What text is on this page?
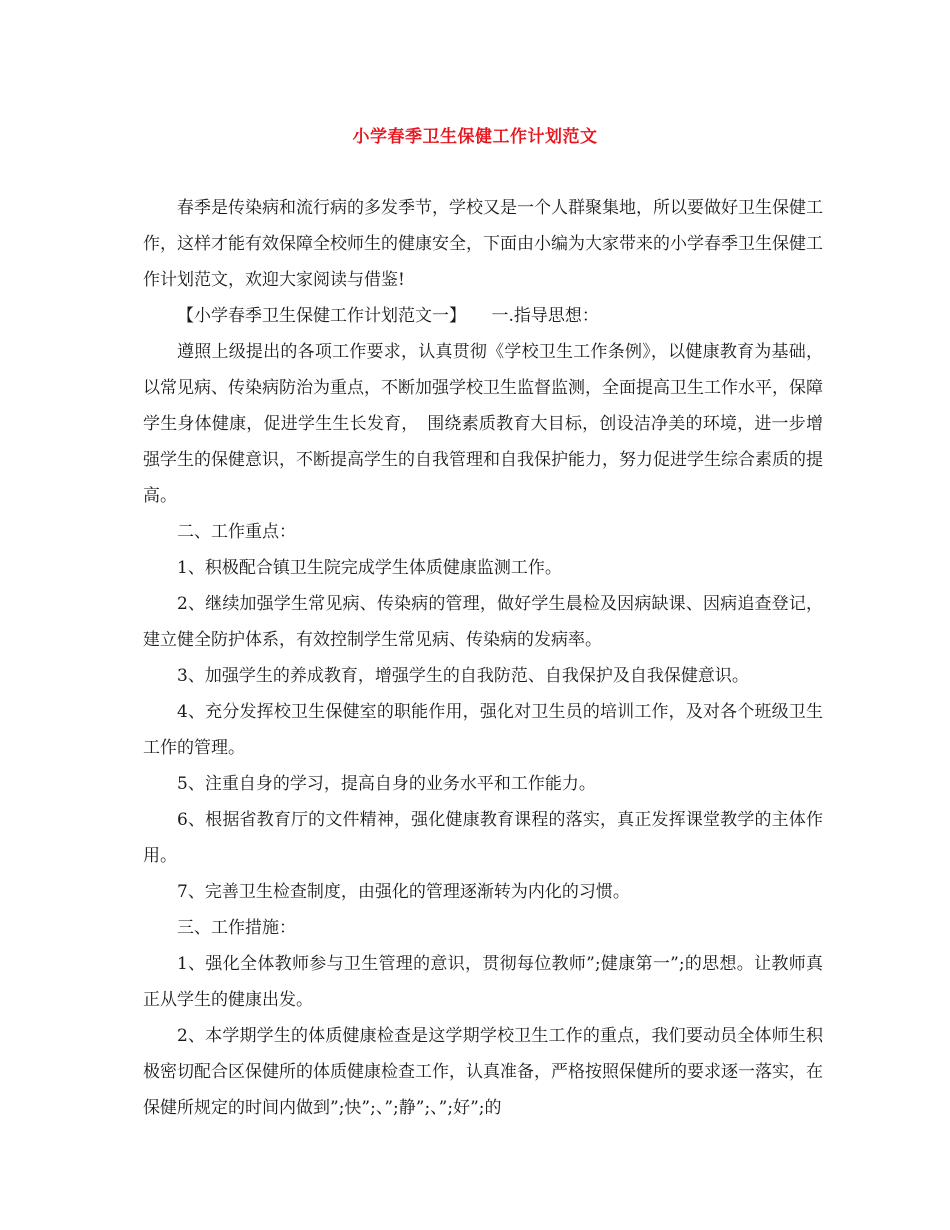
小学春季卫生保健工作计划范文

春季是传染病和流行病的多发季节，学校又是一个人群聚集地，所以要做好卫生保健工作，这样才能有效保障全校师生的健康安全，下面由小编为大家带来的小学春季卫生保健工作计划范文，欢迎大家阅读与借鉴!

【小学春季卫生保健工作计划范文一】　　一.指导思想：

遵照上级提出的各项工作要求，认真贯彻《学校卫生工作条例》，以健康教育为基础，以常见病、传染病防治为重点，不断加强学校卫生监督监测，全面提高卫生工作水平，保障学生身体健康，促进学生生长发育，　围绕素质教育大目标，创设洁净美的环境，进一步增强学生的保健意识，不断提高学生的自我管理和自我保护能力，努力促进学生综合素质的提高。

二、工作重点：

1、积极配合镇卫生院完成学生体质健康监测工作。

2、继续加强学生常见病、传染病的管理，做好学生晨检及因病缺课、因病追查登记，建立健全防护体系，有效控制学生常见病、传染病的发病率。

3、加强学生的养成教育，增强学生的自我防范、自我保护及自我保健意识。

4、充分发挥校卫生保健室的职能作用，强化对卫生员的培训工作，及对各个班级卫生工作的管理。

5、注重自身的学习，提高自身的业务水平和工作能力。

6、根据省教育厅的文件精神，强化健康教育课程的落实，真正发挥课堂教学的主体作用。

7、完善卫生检查制度，由强化的管理逐渐转为内化的习惯。

三、工作措施：

1、强化全体教师参与卫生管理的意识，贯彻每位教师”;健康第一”;的思想。让教师真正从学生的健康出发。

2、本学期学生的体质健康检查是这学期学校卫生工作的重点，我们要动员全体师生积极密切配合区保健所的体质健康检查工作，认真准备，严格按照保健所的要求逐一落实，在保健所规定的时间内做到”;快”;、”;静”;、”;好”;的
